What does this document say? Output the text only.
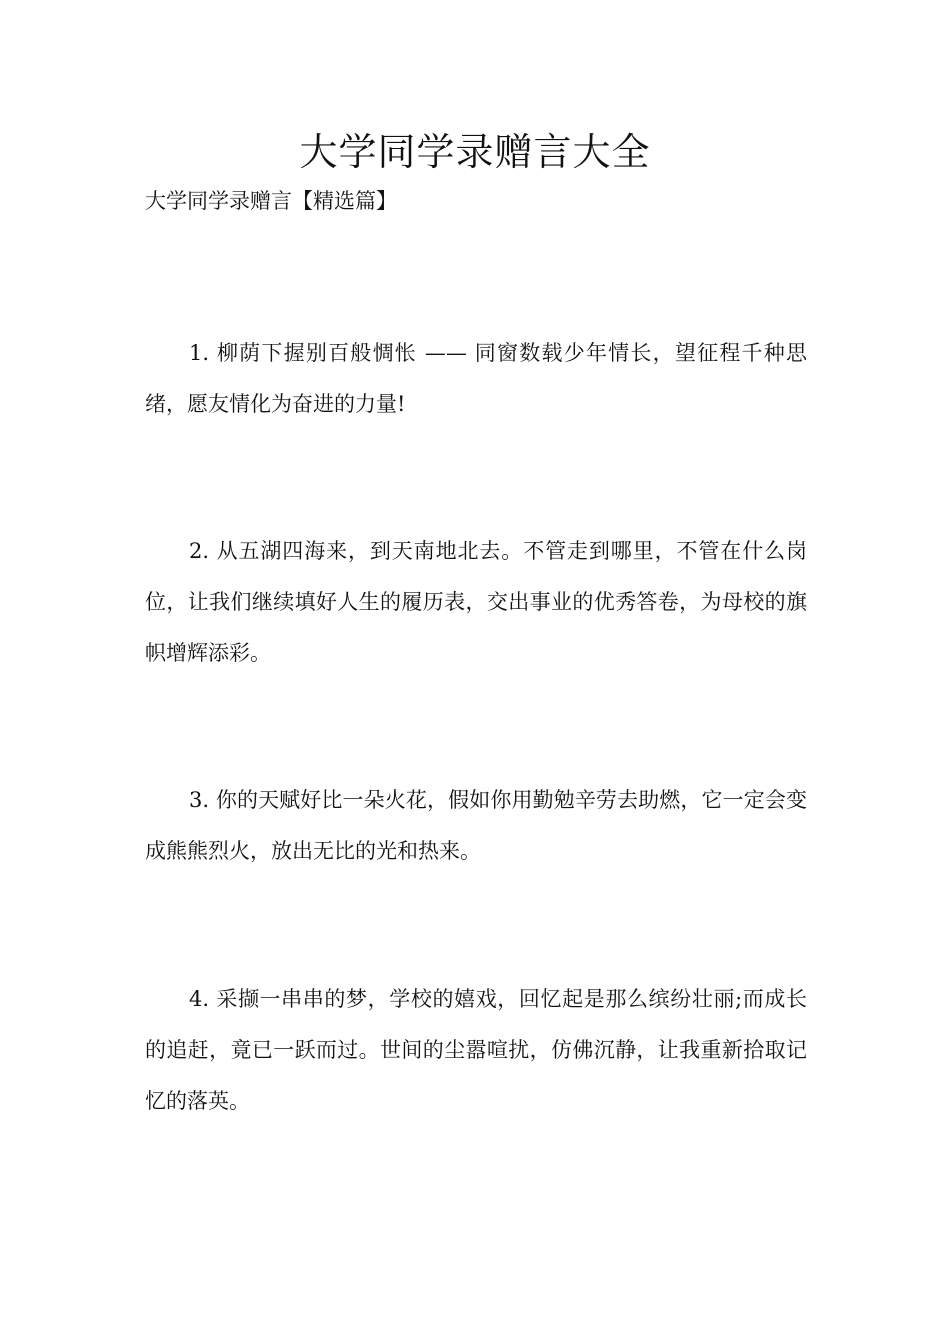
大学同学录赠言大全

大学同学录赠言【精选篇】

1. 柳荫下握别百般惆怅 —— 同窗数载少年情长，望征程千种思绪，愿友情化为奋进的力量!

2. 从五湖四海来，到天南地北去。不管走到哪里，不管在什么岗位，让我们继续填好人生的履历表，交出事业的优秀答卷，为母校的旗帜增辉添彩。

3. 你的天赋好比一朵火花，假如你用勤勉辛劳去助燃，它一定会变成熊熊烈火，放出无比的光和热来。

4. 采撷一串串的梦，学校的嬉戏，回忆起是那么缤纷壮丽;而成长的追赶，竟已一跃而过。世间的尘嚣喧扰，仿佛沉静，让我重新拾取记忆的落英。
